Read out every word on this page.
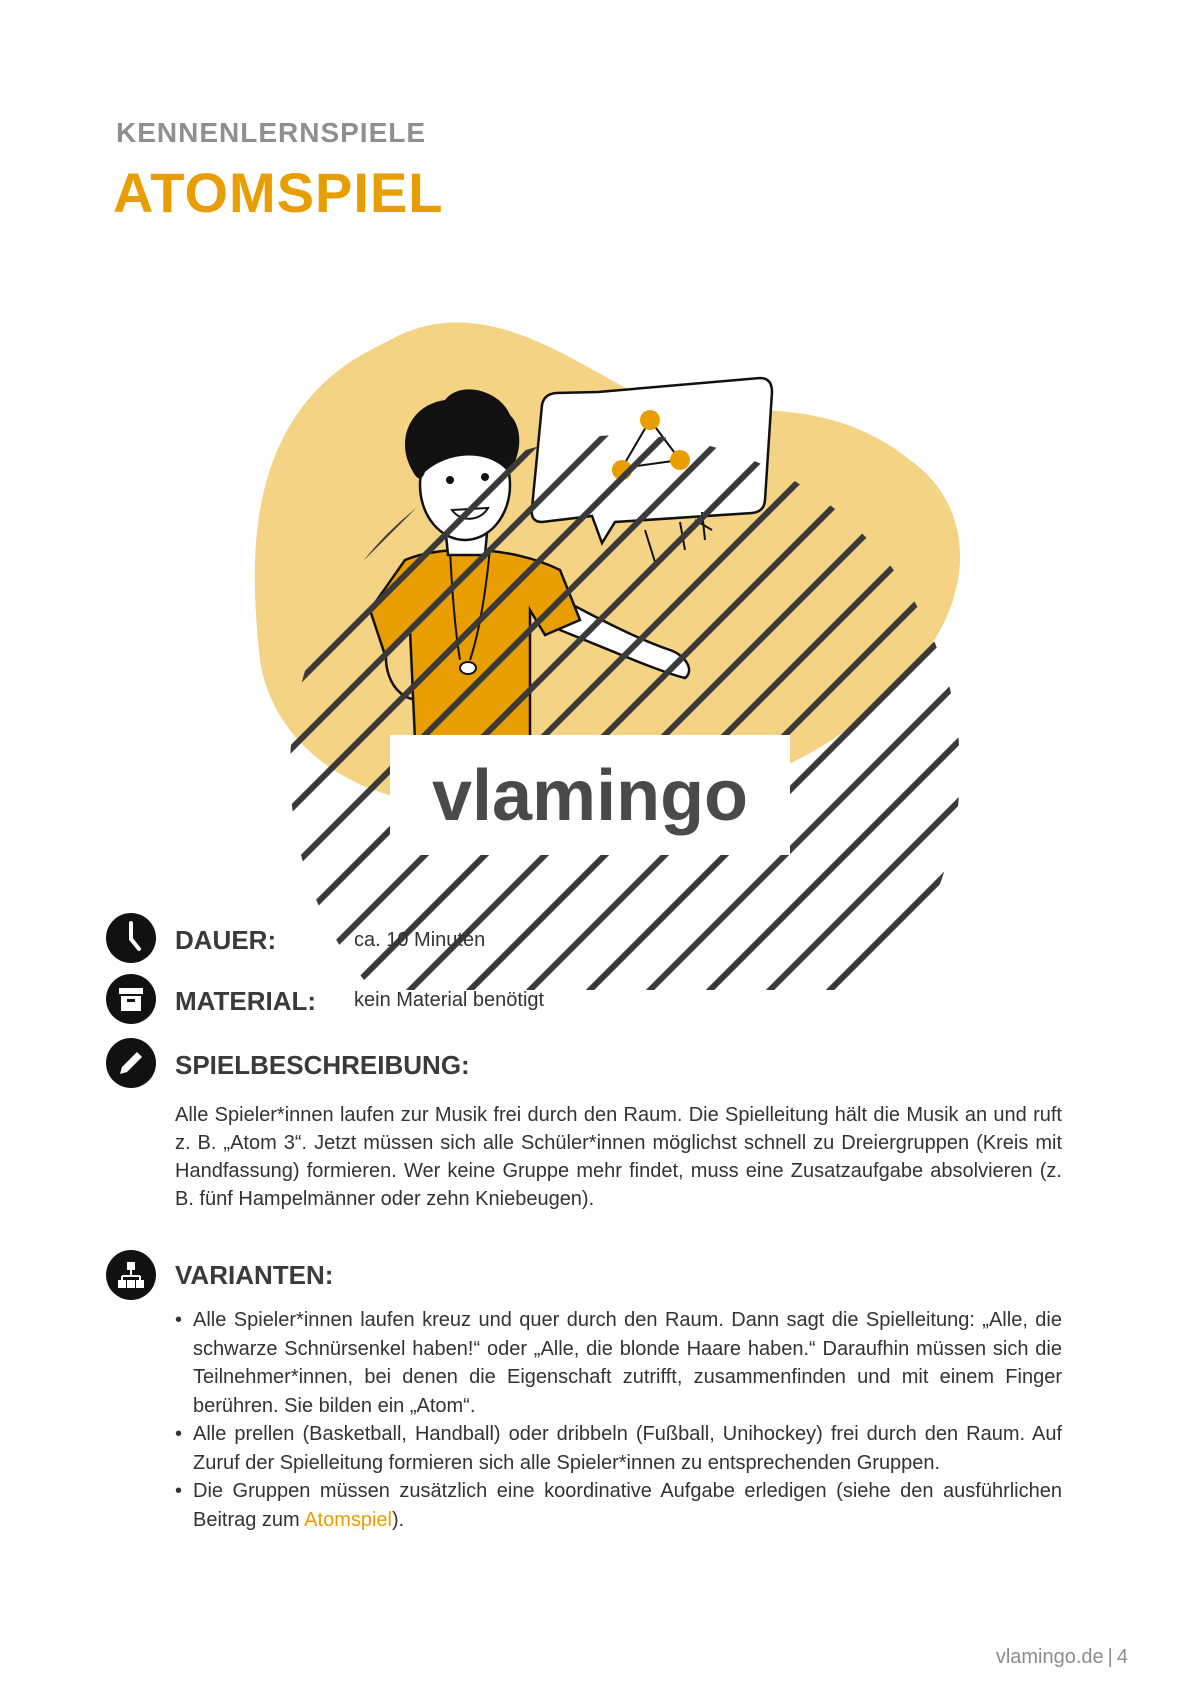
KENNENLERNSPIELE
ATOMSPIEL
vlamingo
DAUER:	ca. 10 Minuten
MATERIAL: kein Material benötigt
SPIELBESCHREIBUNG:
Alle Spieler*innen laufen zur Musik frei durch den Raum. Die Spielleitung hält die Musik an und ruft z. B. „Atom 3“. Jetzt müssen sich alle Schüler*innen möglichst schnell zu Dreiergruppen (Kreis mit Handfassung) formieren. Wer keine Gruppe mehr findet, muss eine Zusatzaufgabe absolvieren (z. B. fünf Hampelmänner oder zehn Kniebeugen).
VARIANTEN:
• Alle Spieler*innen laufen kreuz und quer durch den Raum. Dann sagt die Spielleitung: „Alle, die schwarze Schnürsenkel haben!“ oder „Alle, die blonde Haare haben.“ Daraufhin müssen sich die Teilnehmer*innen, bei denen die Eigenschaft zutrifft, zusammenfinden und mit einem Finger berühren. Sie bilden ein „Atom“.
• Alle prellen (Basketball, Handball) oder dribbeln (Fußball, Unihockey) frei durch den Raum. Auf Zuruf der Spielleitung formieren sich alle Spieler*innen zu entsprechenden Gruppen.
• Die Gruppen müssen zusätzlich eine koordinative Aufgabe erledigen (siehe den ausführlichen Beitrag zum Atomspiel).
vlamingo.de | 4
